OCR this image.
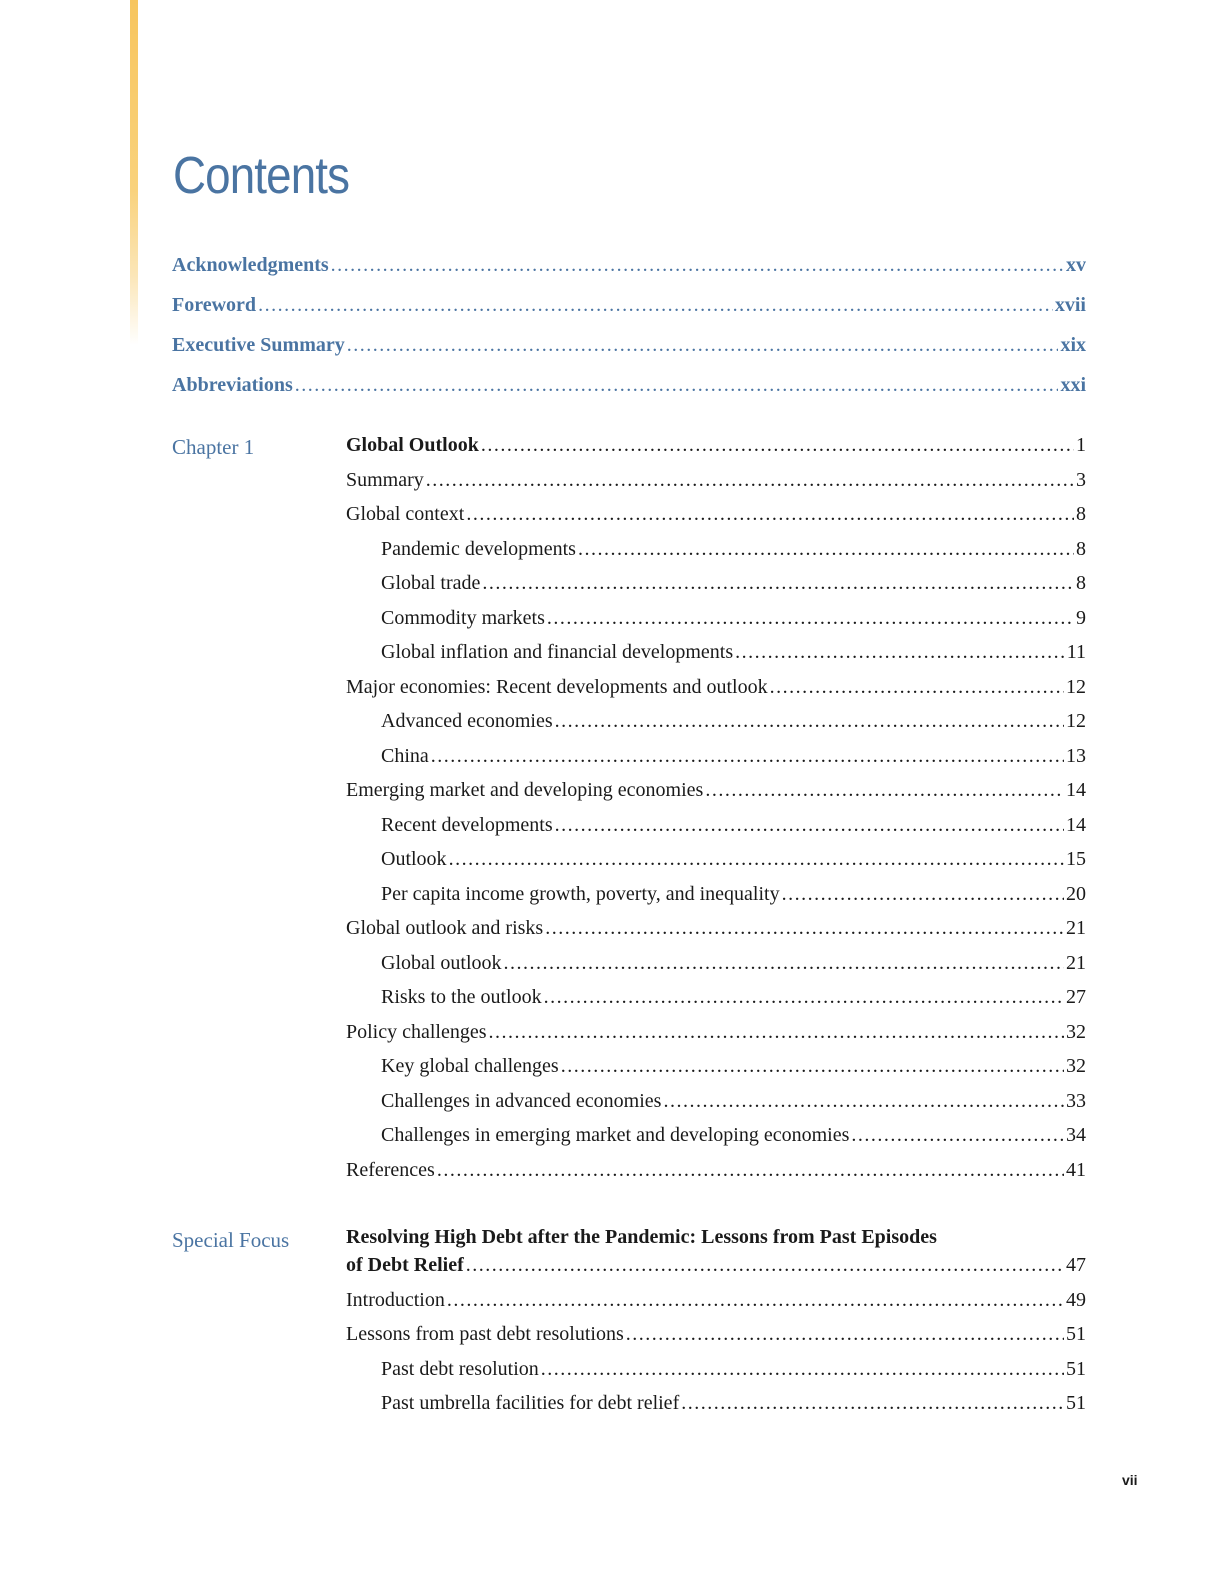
Contents
Acknowledgments .....	xv
Foreword .....	xvii
Executive Summary .....	xix
Abbreviations .....	xxi
Chapter 1	Global Outlook .....	1
Summary .....	3
Global context .....	8
Pandemic developments .....	8
Global trade .....	8
Commodity markets .....	9
Global inflation and financial developments .....	11
Major economies: Recent developments and outlook .....	12
Advanced economies .....	12
China .....	13
Emerging market and developing economies .....	14
Recent developments .....	14
Outlook .....	15
Per capita income growth, poverty, and inequality .....	20
Global outlook and risks .....	21
Global outlook .....	21
Risks to the outlook .....	27
Policy challenges .....	32
Key global challenges .....	32
Challenges in advanced economies .....	33
Challenges in emerging market and developing economies .....	34
References .....	41
Special Focus	Resolving High Debt after the Pandemic: Lessons from Past Episodes
of Debt Relief .....	47
Introduction .....	49
Lessons from past debt resolutions .....	51
Past debt resolution .....	51
Past umbrella facilities for debt relief .....	51
vii
